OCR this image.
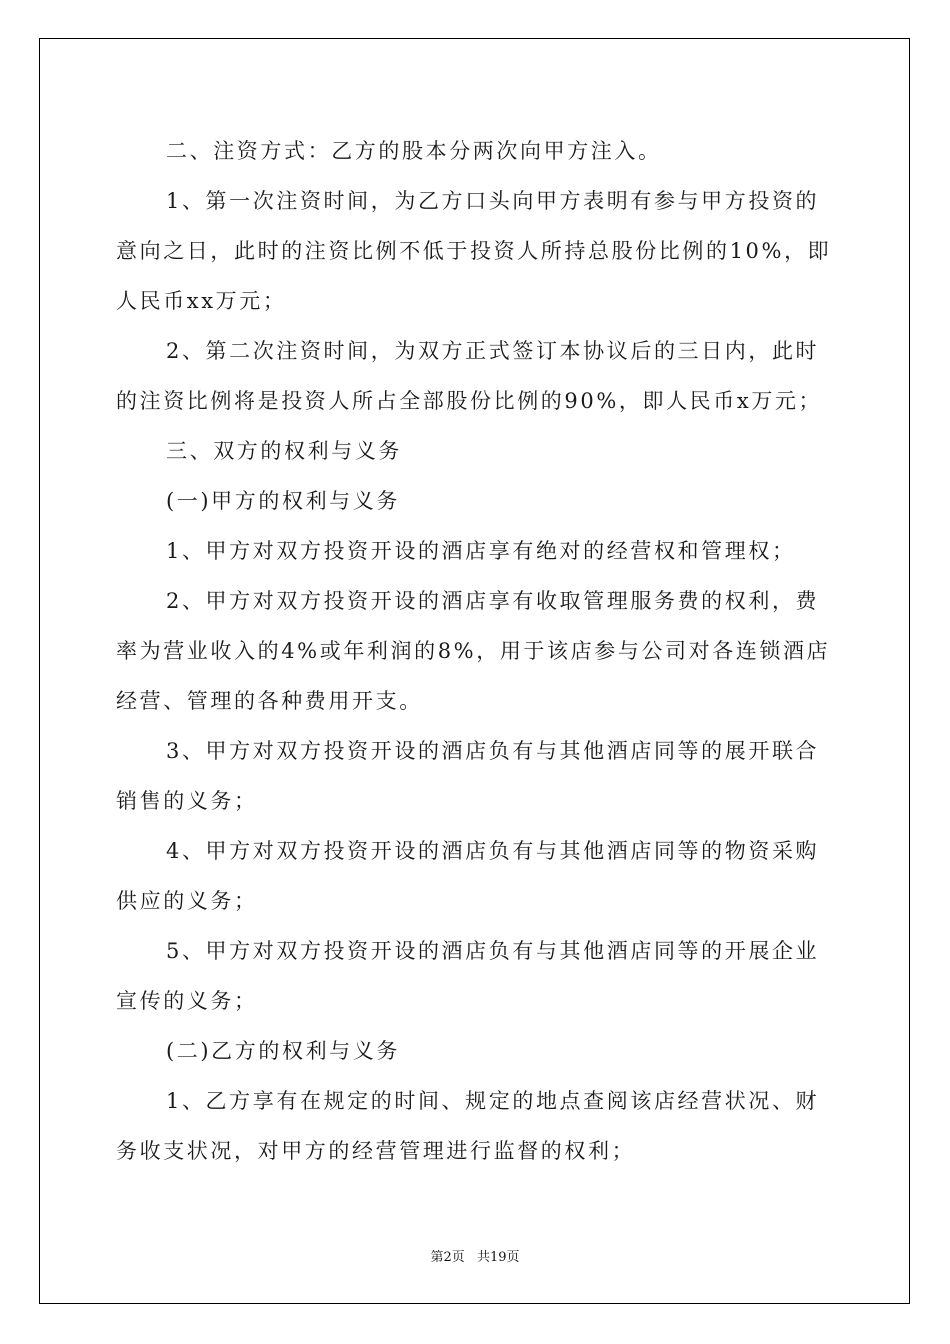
二、注资方式：乙方的股本分两次向甲方注入。

1、第一次注资时间，为乙方口头向甲方表明有参与甲方投资的意向之日，此时的注资比例不低于投资人所持总股份比例的10%，即人民币xx万元；

2、第二次注资时间，为双方正式签订本协议后的三日内，此时的注资比例将是投资人所占全部股份比例的90%，即人民币x万元；

三、双方的权利与义务

(一)甲方的权利与义务

1、甲方对双方投资开设的酒店享有绝对的经营权和管理权；

2、甲方对双方投资开设的酒店享有收取管理服务费的权利，费率为营业收入的4%或年利润的8%，用于该店参与公司对各连锁酒店经营、管理的各种费用开支。

3、甲方对双方投资开设的酒店负有与其他酒店同等的展开联合销售的义务；

4、甲方对双方投资开设的酒店负有与其他酒店同等的物资采购供应的义务；

5、甲方对双方投资开设的酒店负有与其他酒店同等的开展企业宣传的义务；

(二)乙方的权利与义务

1、乙方享有在规定的时间、规定的地点查阅该店经营状况、财务收支状况，对甲方的经营管理进行监督的权利；

第2页 共19页
